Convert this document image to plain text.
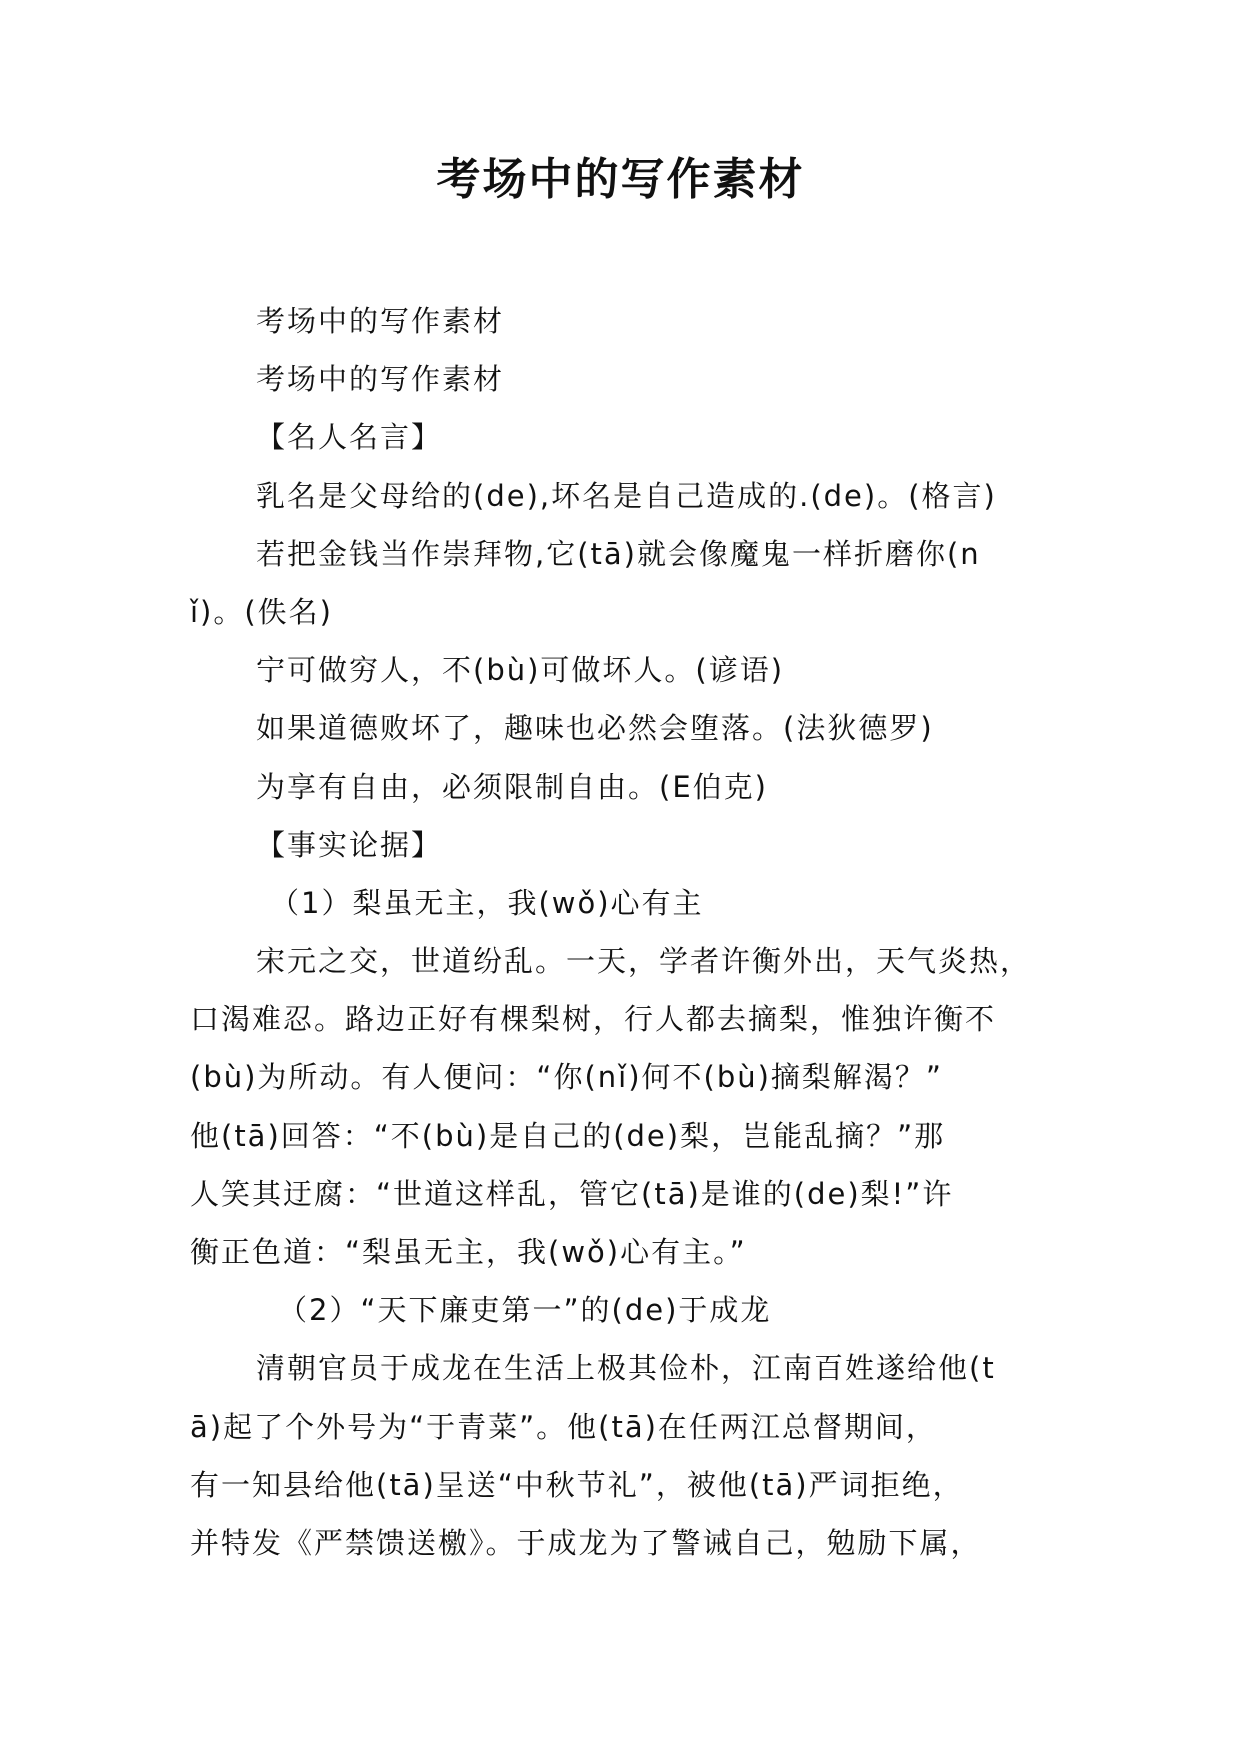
考场中的写作素材
考场中的写作素材
考场中的写作素材
【名人名言】
乳名是父母给的(de),坏名是自己造成的.(de)。(格言)
若把金钱当作崇拜物,它(tā)就会像魔鬼一样折磨你(n
ǐ)。(佚名)
宁可做穷人，不(bù)可做坏人。(谚语)
如果道德败坏了，趣味也必然会堕落。(法狄德罗)
为享有自由，必须限制自由。(E伯克)
【事实论据】
（1）梨虽无主，我(wǒ)心有主
宋元之交，世道纷乱。一天，学者许衡外出，天气炎热，
口渴难忍。路边正好有棵梨树，行人都去摘梨，惟独许衡不
(bù)为所动。有人便问：“你(nǐ)何不(bù)摘梨解渴？”
他(tā)回答：“不(bù)是自己的(de)梨，岂能乱摘？”那
人笑其迂腐：“世道这样乱，管它(tā)是谁的(de)梨!”许
衡正色道：“梨虽无主，我(wǒ)心有主。”
（2）“天下廉吏第一”的(de)于成龙
清朝官员于成龙在生活上极其俭朴，江南百姓遂给他(t
ā)起了个外号为“于青菜”。他(tā)在任两江总督期间，
有一知县给他(tā)呈送“中秋节礼”，被他(tā)严词拒绝，
并特发《严禁馈送檄》。于成龙为了警诫自己，勉励下属，
